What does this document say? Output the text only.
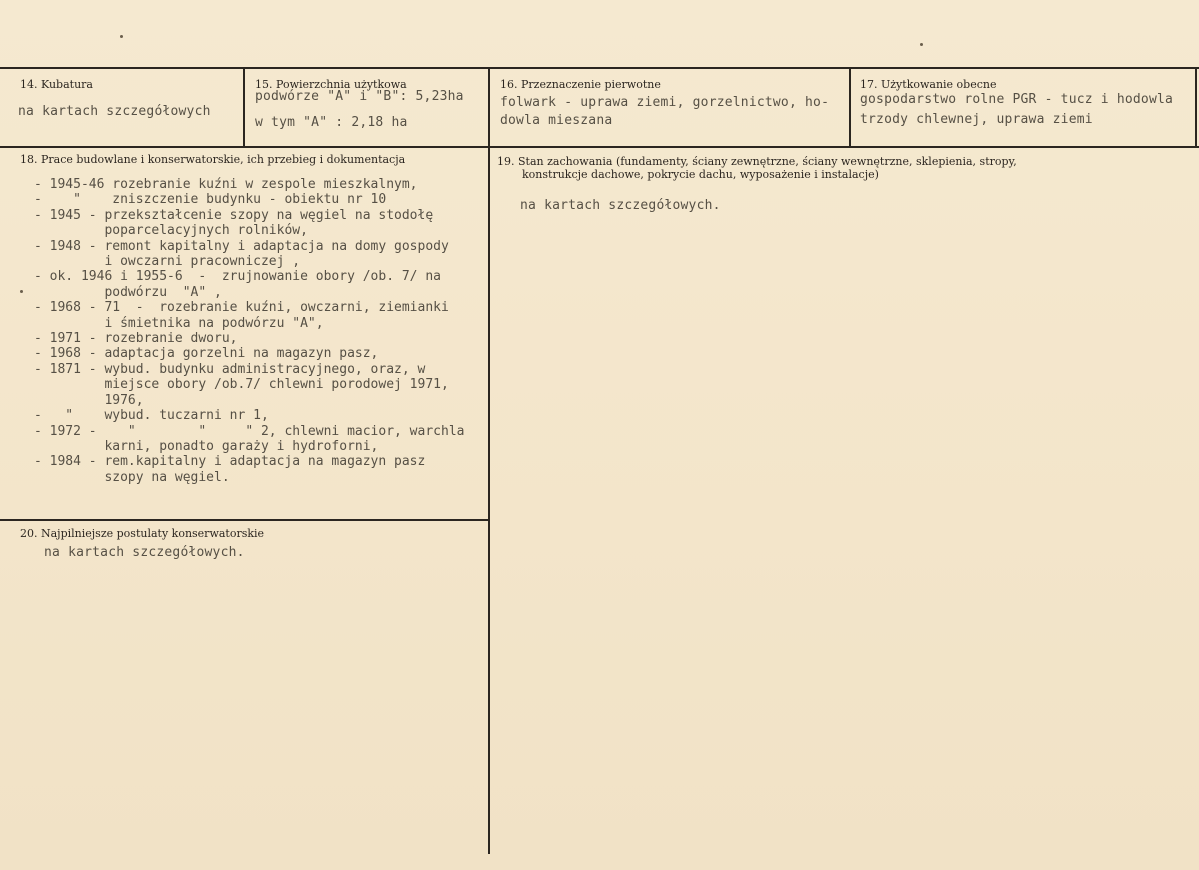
14. Kubatura
na kartach szczegółowych
15. Powierzchnia użytkowa
podwórze "A" i "B": 5,23ha
w tym "A" : 2,18 ha
16. Przeznaczenie pierwotne
folwark - uprawa ziemi, gorzelnictwo, ho-
dowla mieszana
17. Użytkowanie obecne
gospodarstwo rolne PGR - tucz i hodowla
trzody chlewnej, uprawa ziemi
18. Prace budowlane i konserwatorskie, ich przebieg i dokumentacja
- 1945-46 rozebranie kuźni w zespole mieszkalnym,
-    "    zniszczenie budynku - obiektu nr 10
- 1945 - przekształcenie szopy na węgiel na stodołę
poparcelacyjnych rolników,
- 1948 - remont kapitalny i adaptacja na domy gospody
i owczarni pracowniczej ,
- ok. 1946 i 1955-6  -  zrujnowanie obory /ob. 7/ na
podwórzu  "A" ,
- 1968 - 71  -  rozebranie kuźni, owczarni, ziemianki
i śmietnika na podwórzu "A",
- 1971 - rozebranie dworu,
- 1968 - adaptacja gorzelni na magazyn pasz,
- 1871 - wybud. budynku administracyjnego, oraz, w
miejsce obory /ob.7/ chlewni porodowej 1971,
1976,
-   "    wybud. tuczarni nr 1,
- 1972 -    "        "     " 2, chlewni macior, warchla
karni, ponadto garaży i hydroforni,
- 1984 - rem.kapitalny i adaptacja na magazyn pasz
szopy na węgiel.
19. Stan zachowania (fundamenty, ściany zewnętrzne, ściany wewnętrzne, sklepienia, stropy,
konstrukcje dachowe, pokrycie dachu, wyposażenie i instalacje)
na kartach szczegółowych.
20. Najpilniejsze postulaty konserwatorskie
na kartach szczegółowych.
